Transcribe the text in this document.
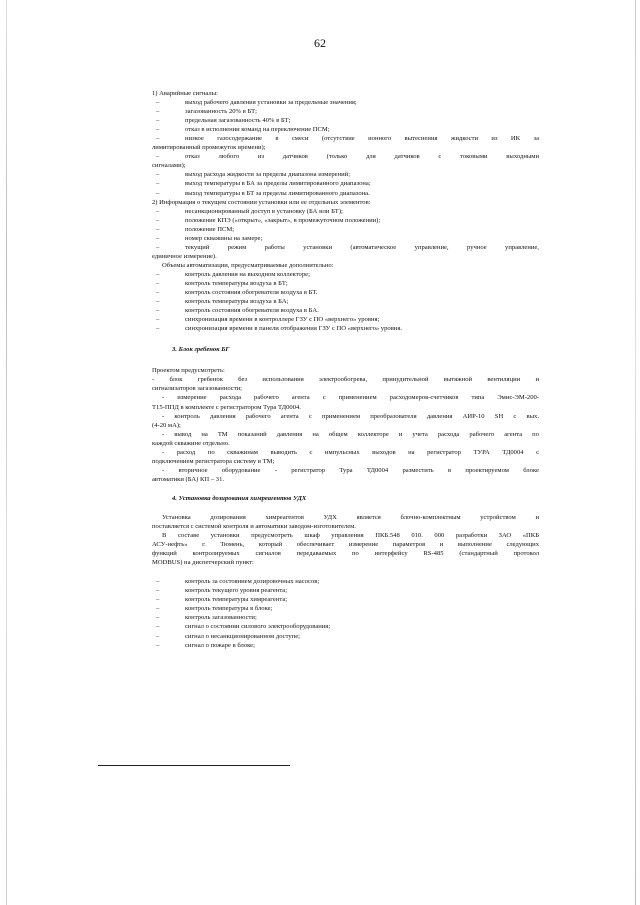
62
1) Аварийные сигналы:
–	выход рабочего давления установки за предельные значения;
–	загазованность 20% в БТ;
–	предельная загазованность 40% в БТ;
–	отказ в исполнении команд на переключение ПСМ;
–	низкое газосодержание в смеси (отсутствие ионного вытеснения жидкости из ИК за
лимитированный промежуток времени);
–	отказ любого из датчиков (только для датчиков с токовыми выходными
сигналами);
–	выход расхода жидкости за пределы диапазона измерений;
–	выход температуры в БА за пределы лимитированного диапазона;
–	выход температуры в БТ за пределы лимитированного диапазона.
2) Информация о текущем состоянии установки или ее отдельных элементов:
–	несанкционированный доступ в установку (БА или БТ);
–	положение КПЭ («открыт», «закрыт», в промежуточном положении);
–	положение ПСМ;
–	номер скважины на замере;
–	текущий режим работы установки (автоматическое управление, ручное управление,
единичное измерение).
Объемы автоматизации, предусматриваемые дополнительно:
–	контроль давления на выходном коллекторе;
–	контроль температуры воздуха в БТ;
–	контроль состояния обогревателя воздуха в БТ.
–	контроль температуры воздуха в БА;
–	контроль состояния обогревателя воздуха в БА.
–	синхронизация времени в контроллере ГЗУ с ПО «верхнего» уровня;
–	синхронизация времени в панели отображения ГЗУ с ПО «верхнего» уровня.
3. Блок гребенок БГ
Проектом предусмотреть:
- блок гребенок без использования электрообогрева, принудительной вытяжной вентиляции и
сигнализаторов загазованности;
- измерение расхода рабочего агента с применением расходомеров-счетчиков типа Эмис-ЭМ-200-
Т15-ППД в комплекте с регистратором Тура ТД0004.
- контроль давления рабочего агента с применением преобразователя давления АИР-10 SH с вых.
(4-20 мА);
- вывод на ТМ показаний давления на общем коллекторе и учета расхода рабочего агента по
каждой скважине отдельно.
- расход по скважинам выводить с импульсных выходов на регистратор ТУРА ТД0004 с
подключением регистратора систему в ТМ;
- вторичное оборудование - регистратор Тура ТД0004 разместить в проектируемом блоке
автоматики (БА) КП – 31.
4. Установка дозирования химреагентов УДХ
Установка дозирования химреагентов УДХ является блочно-комплектным устройством и
поставляется с системой контроля и автоматики заводом-изготовителем.
В составе установки предусмотреть шкаф управления ПКБ.548 010. 000 разработки ЗАО «ПКБ
АСУ-нефть» г. Тюмень, который обеспечивает измерение параметров и выполнение следующих
функций контролируемых сигналов передаваемых по интерфейсу RS-485 (стандартный протокол
MODBUS) на диспетчерский пункт:
–	контроль за состоянием дозировочных насосов;
–	контроль текущего уровня реагента;
–	контроль температуры химреагента;
–	контроль температуры в блоке;
–	контроль загазованности;
–	сигнал о состоянии силового электрооборудования;
–	сигнал о несанкционированном доступе;
–	сигнал о пожаре в блоке;
